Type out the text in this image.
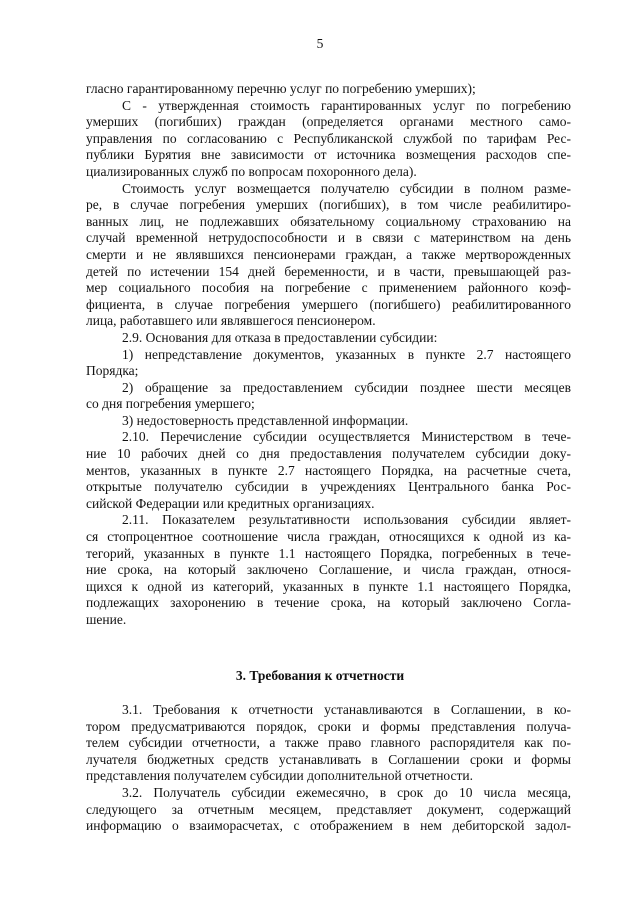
5
гласно гарантированному перечню услуг по погребению умерших);
С - утвержденная стоимость гарантированных услуг по погребению
умерших (погибших) граждан (определяется органами местного само-
управления по согласованию с Республиканской службой по тарифам Рес-
публики Бурятия вне зависимости от источника возмещения расходов спе-
циализированных служб по вопросам похоронного дела).
Стоимость услуг возмещается получателю субсидии в полном разме-
ре, в случае погребения умерших (погибших), в том числе реабилитиро-
ванных лиц, не подлежавших обязательному социальному страхованию на
случай временной нетрудоспособности и в связи с материнством на день
смерти и не являвшихся пенсионерами граждан, а также мертворожденных
детей по истечении 154 дней беременности, и в части, превышающей раз-
мер социального пособия на погребение с применением районного коэф-
фициента, в случае погребения умершего (погибшего) реабилитированного
лица, работавшего или являвшегося пенсионером.
2.9. Основания для отказа в предоставлении субсидии:
1) непредставление документов, указанных в пункте 2.7 настоящего
Порядка;
2) обращение за предоставлением субсидии позднее шести месяцев
со дня погребения умершего;
3) недостоверность представленной информации.
2.10. Перечисление субсидии осуществляется Министерством в тече-
ние 10 рабочих дней со дня предоставления получателем субсидии доку-
ментов, указанных в пункте 2.7 настоящего Порядка, на расчетные счета,
открытые получателю субсидии в учреждениях Центрального банка Рос-
сийской Федерации или кредитных организациях.
2.11. Показателем результативности использования субсидии являет-
ся стопроцентное соотношение числа граждан, относящихся к одной из ка-
тегорий, указанных в пункте 1.1 настоящего Порядка, погребенных в тече-
ние срока, на который заключено Соглашение, и числа граждан, относя-
щихся к одной из категорий, указанных в пункте 1.1 настоящего Порядка,
подлежащих захоронению в течение срока, на который заключено Согла-
шение.
3. Требования к отчетности
3.1. Требования к отчетности устанавливаются в Соглашении, в ко-
тором предусматриваются порядок, сроки и формы представления получа-
телем субсидии отчетности, а также право главного распорядителя как по-
лучателя бюджетных средств устанавливать в Соглашении сроки и формы
представления получателем субсидии дополнительной отчетности.
3.2. Получатель субсидии ежемесячно, в срок до 10 числа месяца,
следующего за отчетным месяцем, представляет документ, содержащий
информацию о взаиморасчетах, с отображением в нем дебиторской задол-
